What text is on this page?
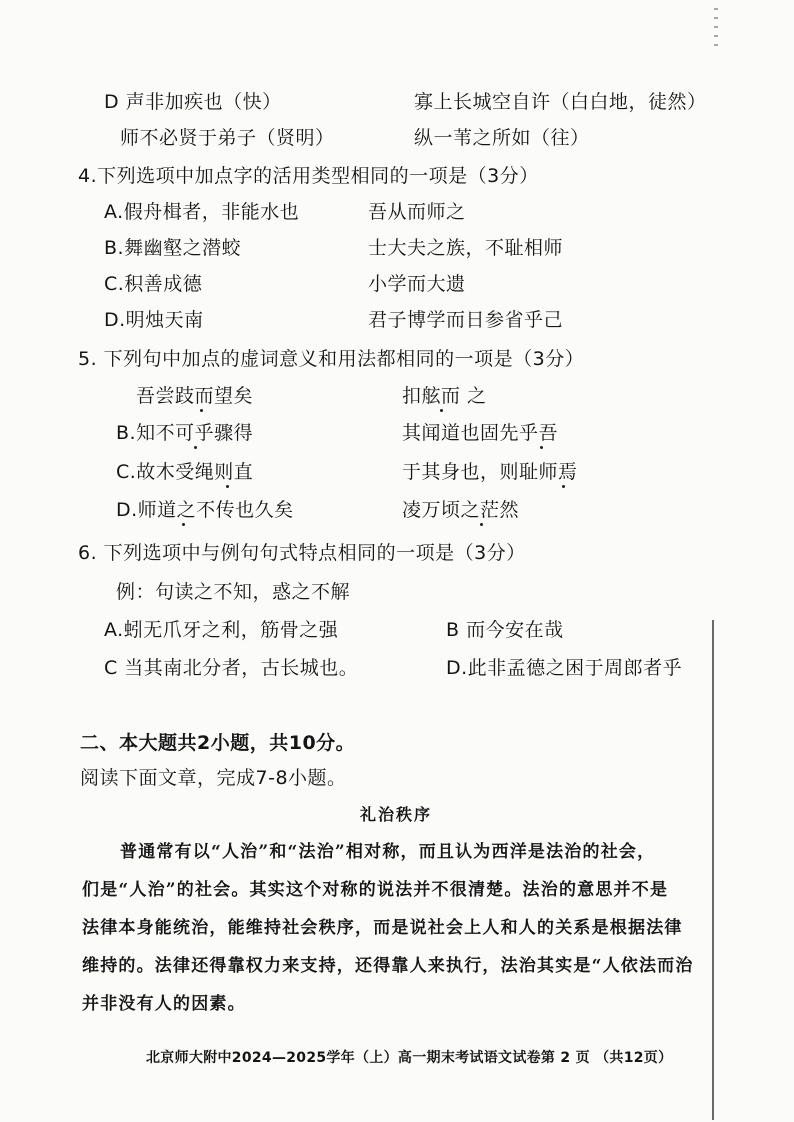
D 声非加疾也（快）	寡上长城空自许（白白地，徒然）
师不必贤于弟子（贤明）	纵一苇之所如（往）
4.下列选项中加点字的活用类型相同的一项是（3分）
A.假舟楫者，非能水也	吾从而师之
B.舞幽壑之潜蛟	士大夫之族，不耻相师
C.积善成德	小学而大遗
D.明烛天南	君子博学而日参省乎己
5. 下列句中加点的虚词意义和用法都相同的一项是（3分）
吾尝跂而望矣	扣舷而 之
B.知不可乎骤得	其闻道也固先乎吾
C.故木受绳则直	于其身也，则耻师焉
D.师道之不传也久矣	凌万顷之茫然
6. 下列选项中与例句句式特点相同的一项是（3分）
例：句读之不知，惑之不解
A.蚓无爪牙之利，筋骨之强	B 而今安在哉
C 当其南北分者，古长城也。	D.此非孟德之困于周郎者乎
二、本大题共2小题，共10分。
阅读下面文章，完成7-8小题。
礼治秩序
普通常有以“人治”和“法治”相对称，而且认为西洋是法治的社会，
们是“人治”的社会。其实这个对称的说法并不很清楚。法治的意思并不是
法律本身能统治，能维持社会秩序，而是说社会上人和人的关系是根据法律
维持的。法律还得靠权力来支持，还得靠人来执行，法治其实是“人依法而治
并非没有人的因素。
北京师大附中2024—2025学年（上）高一期末考试语文试卷第 2 页 （共12页）
